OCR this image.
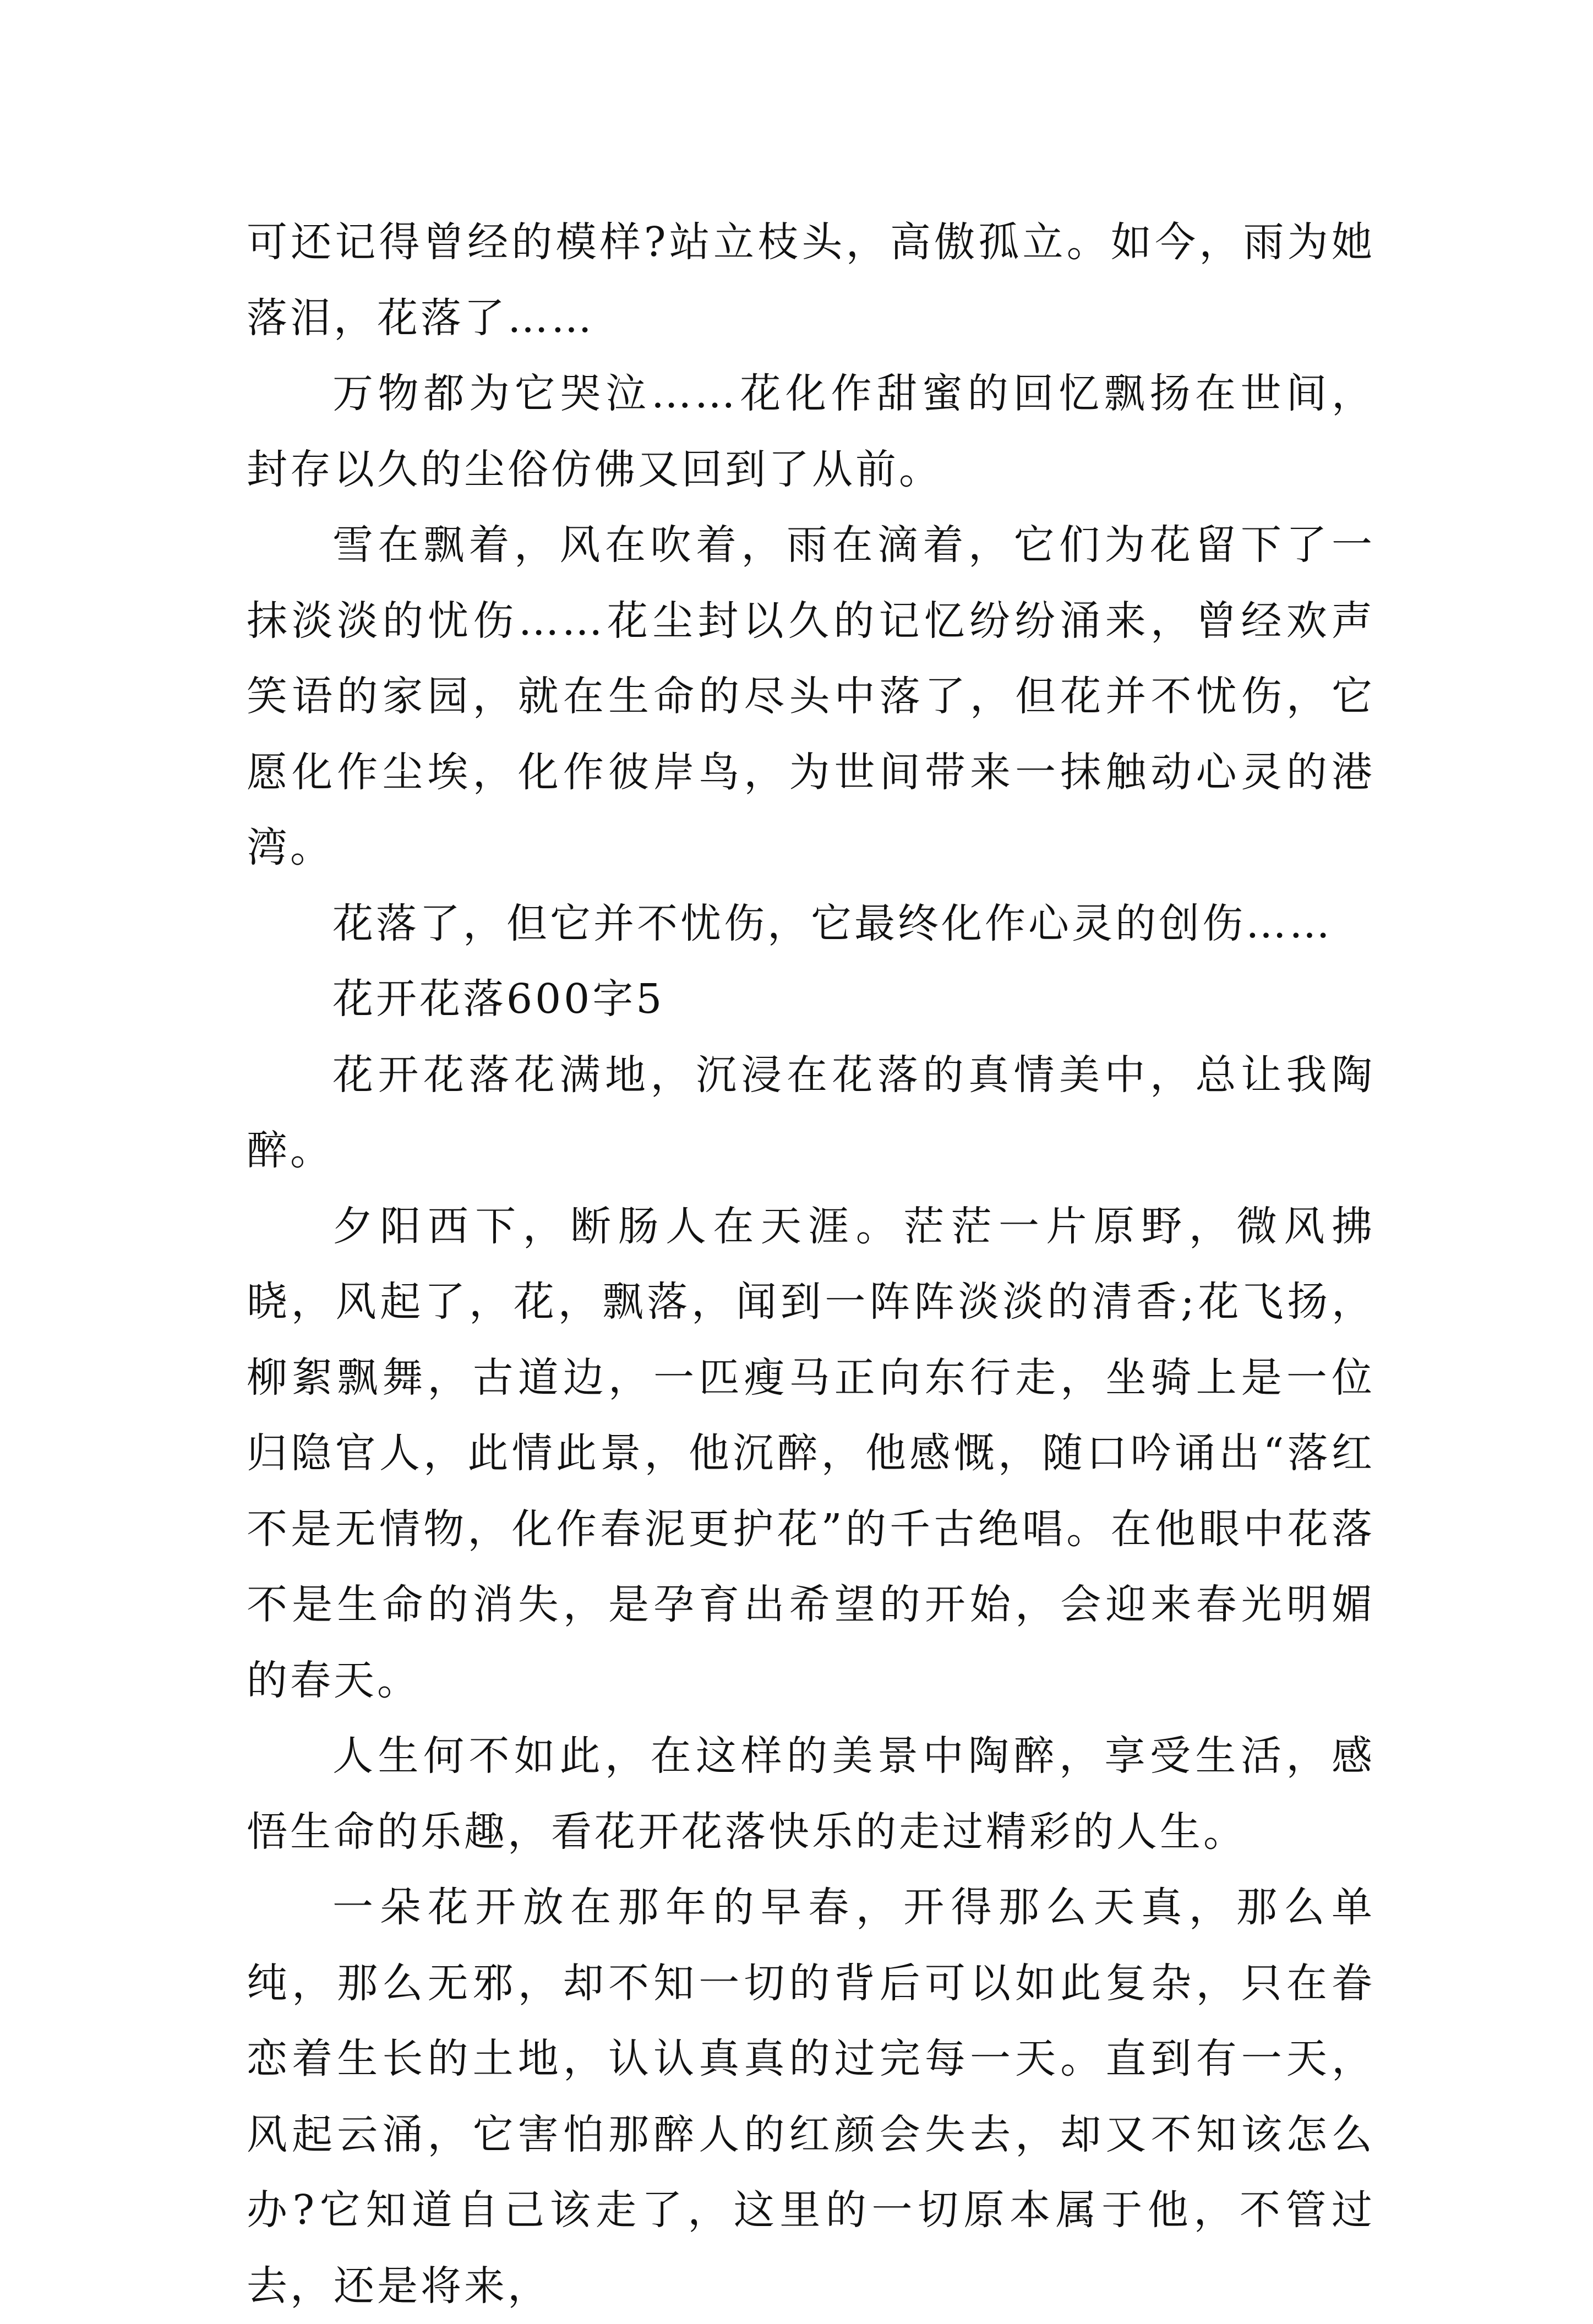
可还记得曾经的模样?站立枝头，高傲孤立。如今，雨为她落泪，花落了……

万物都为它哭泣……花化作甜蜜的回忆飘扬在世间，封存以久的尘俗仿佛又回到了从前。

雪在飘着，风在吹着，雨在滴着，它们为花留下了一抹淡淡的忧伤……花尘封以久的记忆纷纷涌来，曾经欢声笑语的家园，就在生命的尽头中落了，但花并不忧伤，它愿化作尘埃，化作彼岸鸟，为世间带来一抹触动心灵的港湾。

花落了，但它并不忧伤，它最终化作心灵的创伤……

花开花落600字5

花开花落花满地，沉浸在花落的真情美中，总让我陶醉。

夕阳西下，断肠人在天涯。茫茫一片原野，微风拂晓，风起了，花，飘落，闻到一阵阵淡淡的清香;花飞扬，柳絮飘舞，古道边，一匹瘦马正向东行走，坐骑上是一位归隐官人，此情此景，他沉醉，他感慨，随口吟诵出“落红不是无情物，化作春泥更护花”的千古绝唱。在他眼中花落不是生命的消失，是孕育出希望的开始，会迎来春光明媚的春天。

人生何不如此，在这样的美景中陶醉，享受生活，感悟生命的乐趣，看花开花落快乐的走过精彩的人生。

一朵花开放在那年的早春，开得那么天真，那么单纯，那么无邪，却不知一切的背后可以如此复杂，只在眷恋着生长的土地，认认真真的过完每一天。直到有一天，风起云涌，它害怕那醉人的红颜会失去，却又不知该怎么办?它知道自己该走了，这里的一切原本属于他，不管过去，还是将来，
